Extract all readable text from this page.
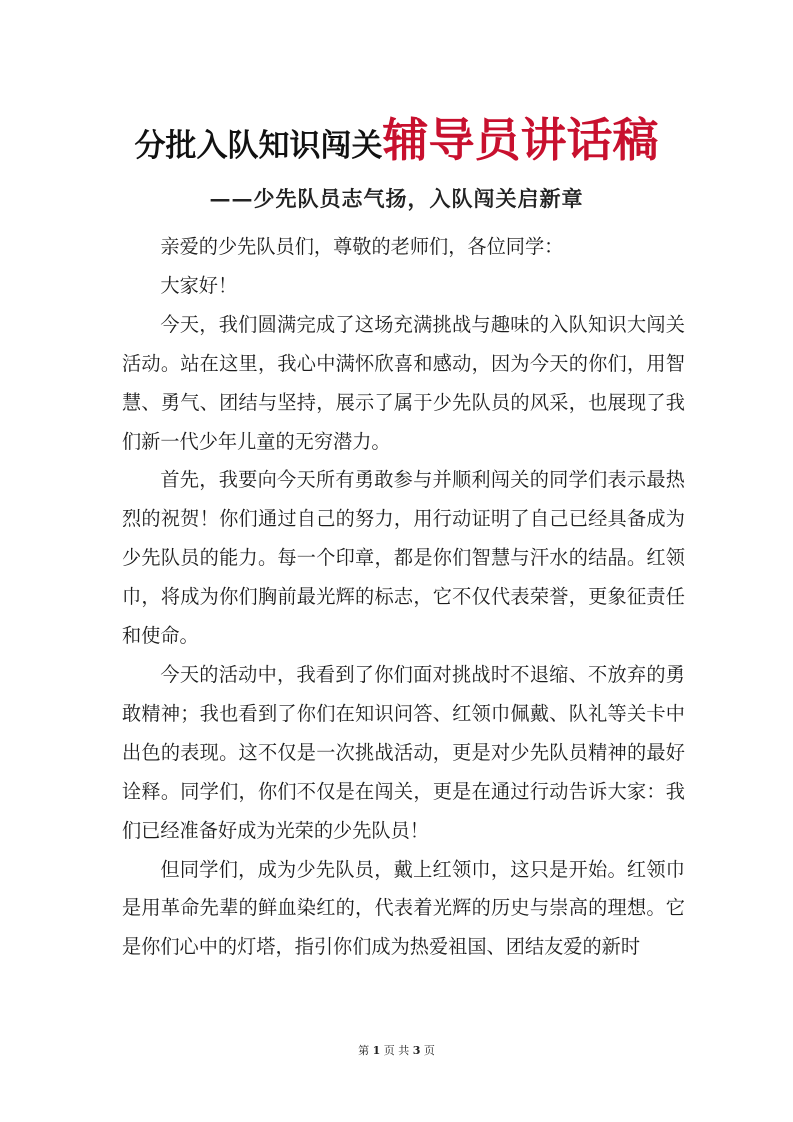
分批入队知识闯关辅导员讲话稿
——少先队员志气扬，入队闯关启新章

亲爱的少先队员们，尊敬的老师们，各位同学：

大家好！

今天，我们圆满完成了这场充满挑战与趣味的入队知识大闯关活动。站在这里，我心中满怀欣喜和感动，因为今天的你们，用智慧、勇气、团结与坚持，展示了属于少先队员的风采，也展现了我们新一代少年儿童的无穷潜力。

首先，我要向今天所有勇敢参与并顺利闯关的同学们表示最热烈的祝贺！你们通过自己的努力，用行动证明了自己已经具备成为少先队员的能力。每一个印章，都是你们智慧与汗水的结晶。红领巾，将成为你们胸前最光辉的标志，它不仅代表荣誉，更象征责任和使命。

今天的活动中，我看到了你们面对挑战时不退缩、不放弃的勇敢精神；我也看到了你们在知识问答、红领巾佩戴、队礼等关卡中出色的表现。这不仅是一次挑战活动，更是对少先队员精神的最好诠释。同学们，你们不仅是在闯关，更是在通过行动告诉大家：我们已经准备好成为光荣的少先队员！

但同学们，成为少先队员，戴上红领巾，这只是开始。红领巾是用革命先辈的鲜血染红的，代表着光辉的历史与崇高的理想。它是你们心中的灯塔，指引你们成为热爱祖国、团结友爱的新时

第 1 页 共 3 页
